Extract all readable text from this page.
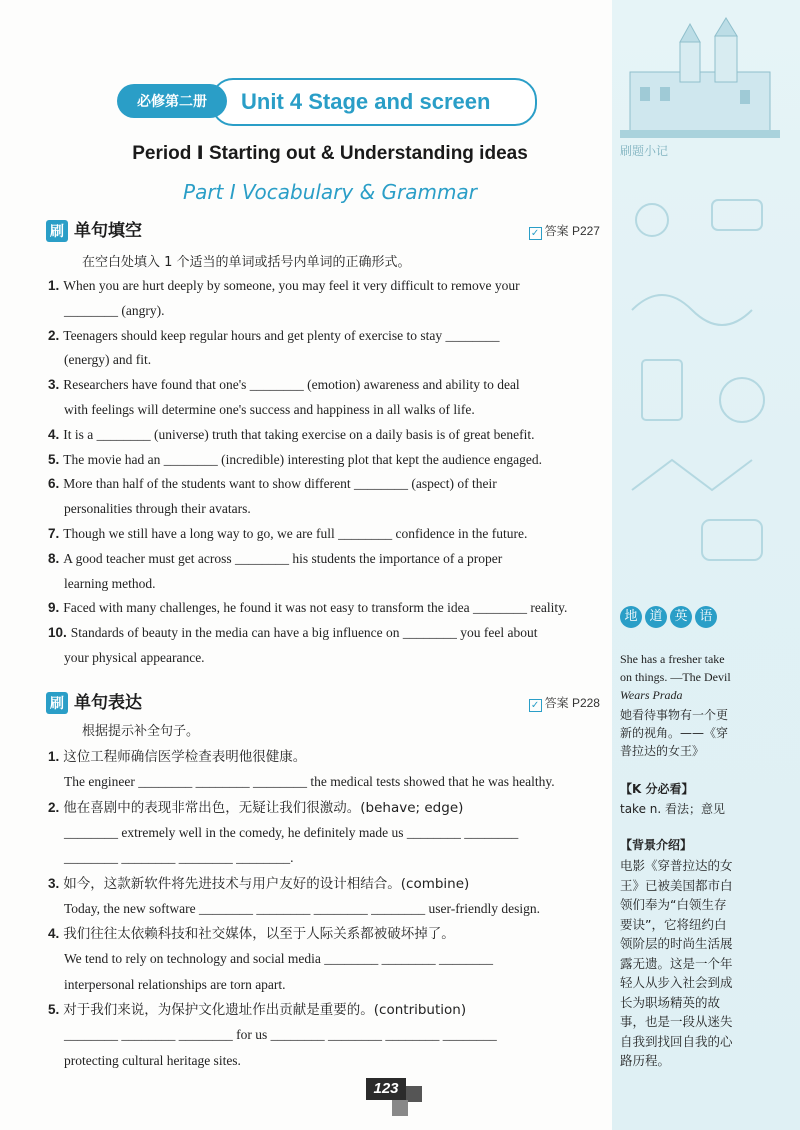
Unit 4 Stage and screen
必修第二册
Period Ⅰ Starting out & Understanding ideas
Part Ⅰ Vocabulary & Grammar
刷 单句填空	✓ 答案 P227
在空白处填入 1 个适当的单词或括号内单词的正确形式。
1. When you are hurt deeply by someone, you may feel it very difficult to remove your
________ (angry).
2. Teenagers should keep regular hours and get plenty of exercise to stay ________
(energy) and fit.
3. Researchers have found that one's ________ (emotion) awareness and ability to deal
with feelings will determine one's success and happiness in all walks of life.
4. It is a ________ (universe) truth that taking exercise on a daily basis is of great benefit.
5. The movie had an ________ (incredible) interesting plot that kept the audience engaged.
6. More than half of the students want to show different ________ (aspect) of their
personalities through their avatars.
7. Though we still have a long way to go, we are full ________ confidence in the future.
8. A good teacher must get across ________ his students the importance of a proper
learning method.
9. Faced with many challenges, he found it was not easy to transform the idea ________ reality.
10. Standards of beauty in the media can have a big influence on ________ you feel about
your physical appearance.
刷 单句表达	✓ 答案 P228
根据提示补全句子。
1. 这位工程师确信医学检查表明他很健康。
The engineer ________ ________ ________ the medical tests showed that he was healthy.
2. 他在喜剧中的表现非常出色，无疑让我们很激动。(behave; edge)
________ extremely well in the comedy, he definitely made us ________ ________
________ ________ ________ ________.
3. 如今，这款新软件将先进技术与用户友好的设计相结合。(combine)
Today, the new software ________ ________ ________ ________ user-friendly design.
4. 我们往往太依赖科技和社交媒体，以至于人际关系都被破坏掉了。
We tend to rely on technology and social media ________ ________ ________
interpersonal relationships are torn apart.
5. 对于我们来说，为保护文化遗址作出贡献是重要的。(contribution)
________ ________ ________ for us ________ ________ ________ ________
protecting cultural heritage sites.
刷题小记
地 道 英 语
She has a fresher take
on things. —The Devil
Wears Prada
她看待事物有一个更
新的视角。——《穿
普拉达的女王》
【K 分必看】
take n. 看法；意见
【背景介绍】
电影《穿普拉达的女
王》已被美国都市白
领们奉为“白领生存
要诀”，它将纽约白
领阶层的时尚生活展
露无遗。这是一个年
轻人从步入社会到成
长为职场精英的故
事，也是一段从迷失
自我到找回自我的心
路历程。
123
